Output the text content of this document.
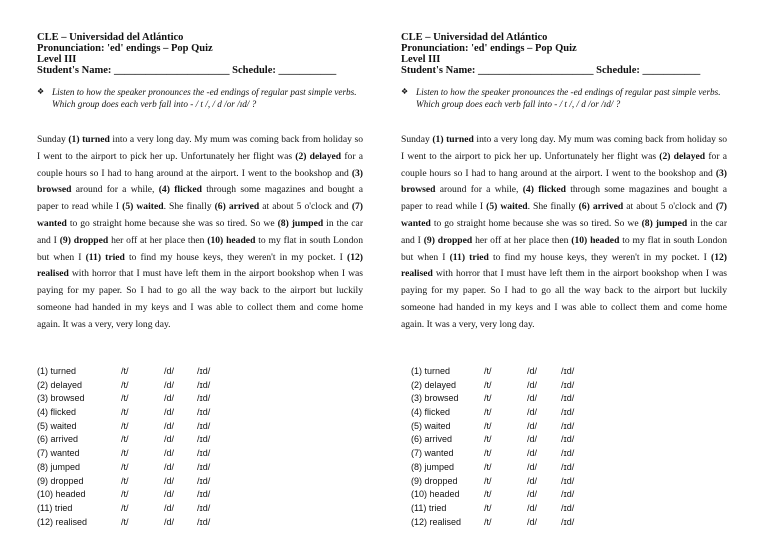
CLE – Universidad del Atlántico
Pronunciation: 'ed' endings – Pop Quiz
Level III
Student's Name: ______________________ Schedule: ___________
❖ Listen to how the speaker pronounces the -ed endings of regular past simple verbs. Which group does each verb fall into - / t /, / d /or /ɪd/ ?
Sunday (1) turned into a very long day. My mum was coming back from holiday so I went to the airport to pick her up. Unfortunately her flight was (2) delayed for a couple hours so I had to hang around at the airport. I went to the bookshop and (3) browsed around for a while, (4) flicked through some magazines and bought a paper to read while I (5) waited. She finally (6) arrived at about 5 o'clock and (7) wanted to go straight home because she was so tired. So we (8) jumped in the car and I (9) dropped her off at her place then (10) headed to my flat in south London but when I (11) tried to find my house keys, they weren't in my pocket. I (12) realised with horror that I must have left them in the airport bookshop when I was paying for my paper. So I had to go all the way back to the airport but luckily someone had handed in my keys and I was able to collect them and come home again. It was a very, very long day.
(1) turned	/t/	/d/	/ɪd/
(2) delayed	/t/	/d/	/ɪd/
(3) browsed	/t/	/d/	/ɪd/
(4) flicked	/t/	/d/	/ɪd/
(5) waited	/t/	/d/	/ɪd/
(6) arrived	/t/	/d/	/ɪd/
(7) wanted	/t/	/d/	/ɪd/
(8) jumped	/t/	/d/	/ɪd/
(9) dropped	/t/	/d/	/ɪd/
(10) headed	/t/	/d/	/ɪd/
(11) tried	/t/	/d/	/ɪd/
(12) realised	/t/	/d/	/ɪd/
CLE – Universidad del Atlántico
Pronunciation: 'ed' endings – Pop Quiz
Level III
Student's Name: ______________________ Schedule: ___________
❖ Listen to how the speaker pronounces the -ed endings of regular past simple verbs. Which group does each verb fall into - / t /, / d /or /ɪd/ ?
Sunday (1) turned into a very long day. My mum was coming back from holiday so I went to the airport to pick her up. Unfortunately her flight was (2) delayed for a couple hours so I had to hang around at the airport. I went to the bookshop and (3) browsed around for a while, (4) flicked through some magazines and bought a paper to read while I (5) waited. She finally (6) arrived at about 5 o'clock and (7) wanted to go straight home because she was so tired. So we (8) jumped in the car and I (9) dropped her off at her place then (10) headed to my flat in south London but when I (11) tried to find my house keys, they weren't in my pocket. I (12) realised with horror that I must have left them in the airport bookshop when I was paying for my paper. So I had to go all the way back to the airport but luckily someone had handed in my keys and I was able to collect them and come home again. It was a very, very long day.
(1) turned	/t/	/d/	/ɪd/
(2) delayed	/t/	/d/	/ɪd/
(3) browsed	/t/	/d/	/ɪd/
(4) flicked	/t/	/d/	/ɪd/
(5) waited	/t/	/d/	/ɪd/
(6) arrived	/t/	/d/	/ɪd/
(7) wanted	/t/	/d/	/ɪd/
(8) jumped	/t/	/d/	/ɪd/
(9) dropped	/t/	/d/	/ɪd/
(10) headed	/t/	/d/	/ɪd/
(11) tried	/t/	/d/	/ɪd/
(12) realised	/t/	/d/	/ɪd/
